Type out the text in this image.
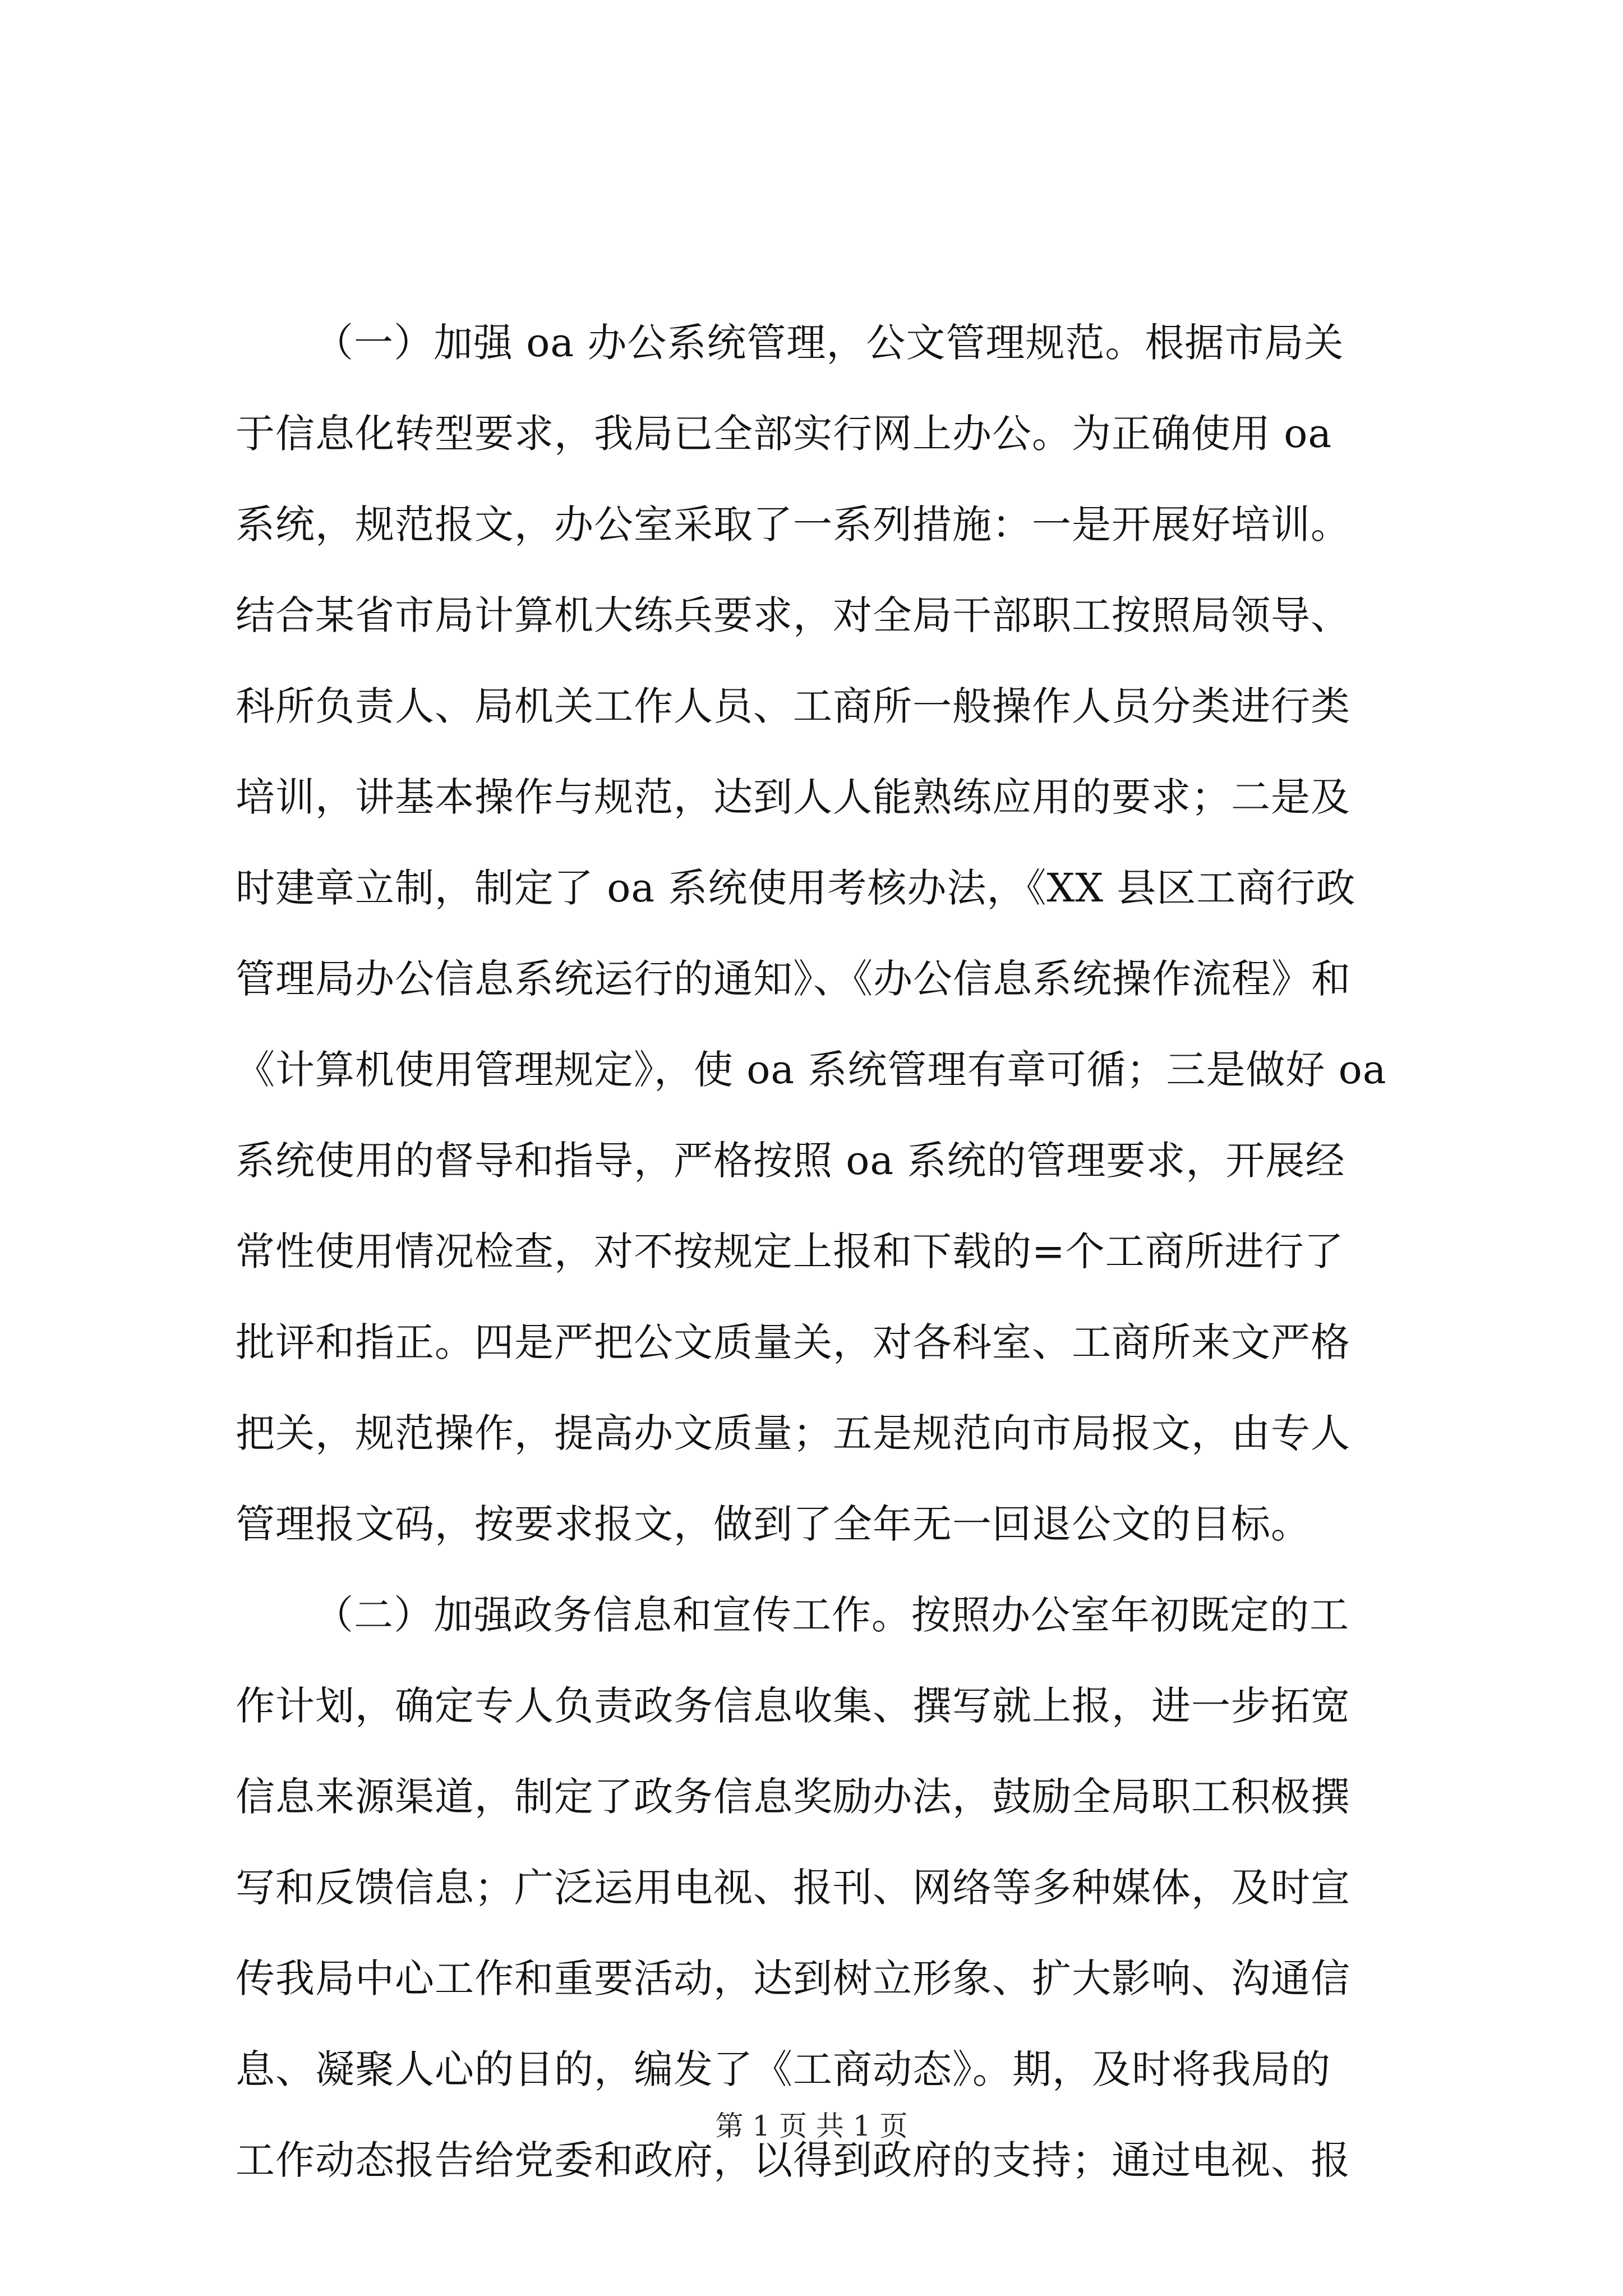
（一）加强 oa 办公系统管理，公文管理规范。根据市局关
于信息化转型要求，我局已全部实行网上办公。为正确使用 oa
系统，规范报文，办公室采取了一系列措施：一是开展好培训。
结合某省市局计算机大练兵要求，对全局干部职工按照局领导、
科所负责人、局机关工作人员、工商所一般操作人员分类进行类
培训，讲基本操作与规范，达到人人能熟练应用的要求；二是及
时建章立制，制定了 oa 系统使用考核办法，《XX 县区工商行政
管理局办公信息系统运行的通知》、《办公信息系统操作流程》和
《计算机使用管理规定》，使 oa 系统管理有章可循；三是做好 oa
系统使用的督导和指导，严格按照 oa 系统的管理要求，开展经
常性使用情况检查，对不按规定上报和下载的=个工商所进行了
批评和指正。四是严把公文质量关，对各科室、工商所来文严格
把关，规范操作，提高办文质量；五是规范向市局报文，由专人
管理报文码，按要求报文，做到了全年无一回退公文的目标。
（二）加强政务信息和宣传工作。按照办公室年初既定的工
作计划，确定专人负责政务信息收集、撰写就上报，进一步拓宽
信息来源渠道，制定了政务信息奖励办法，鼓励全局职工积极撰
写和反馈信息；广泛运用电视、报刊、网络等多种媒体，及时宣
传我局中心工作和重要活动，达到树立形象、扩大影响、沟通信
息、凝聚人心的目的，编发了《工商动态》。期，及时将我局的
工作动态报告给党委和政府，以得到政府的支持；通过电视、报
第 1 页 共 1 页
